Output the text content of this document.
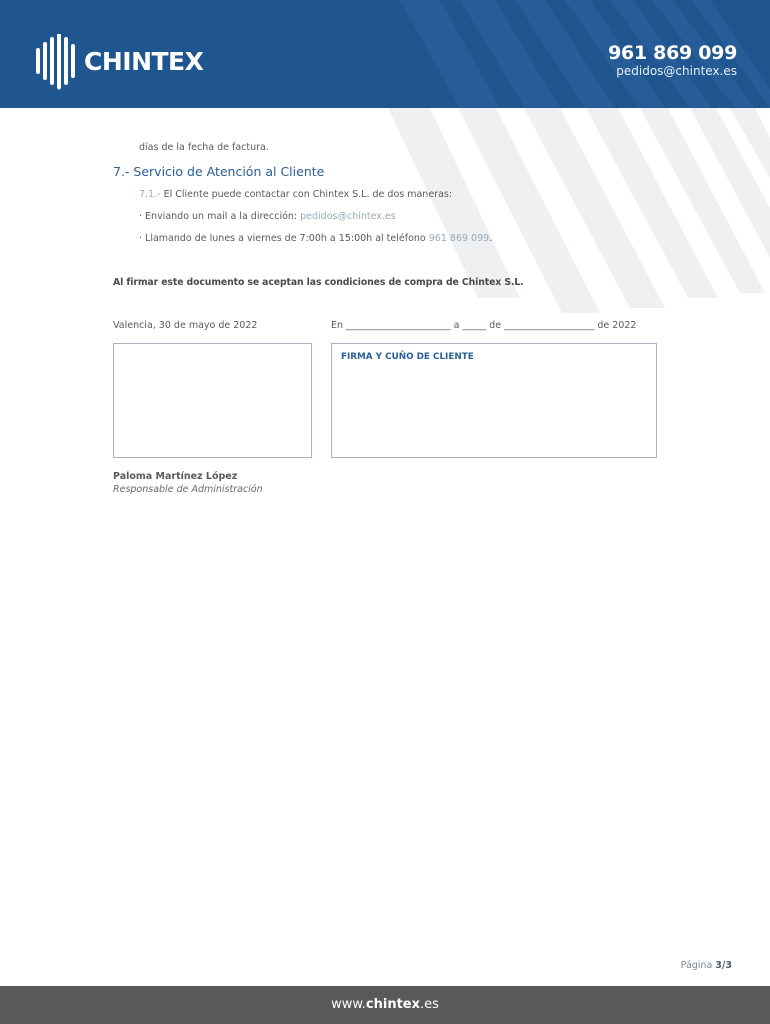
CHINTEX	961 869 099
pedidos@chintex.es
días de la fecha de factura.
7.- Servicio de Atención al Cliente
7.1.- El Cliente puede contactar con Chintex S.L. de dos maneras:
· Enviando un mail a la dirección: pedidos@chintex.es
· Llamando de lunes a viernes de 7:00h a 15:00h al teléfono 961 869 099.
Al firmar este documento se aceptan las condiciones de compra de Chintex S.L.
Valencia, 30 de mayo de 2022	En ______________________ a _____ de ___________________ de 2022
FIRMA Y CUÑO DE CLIENTE
Paloma Martínez López
Responsable de Administración
Página 3/3
www.chintex.es
